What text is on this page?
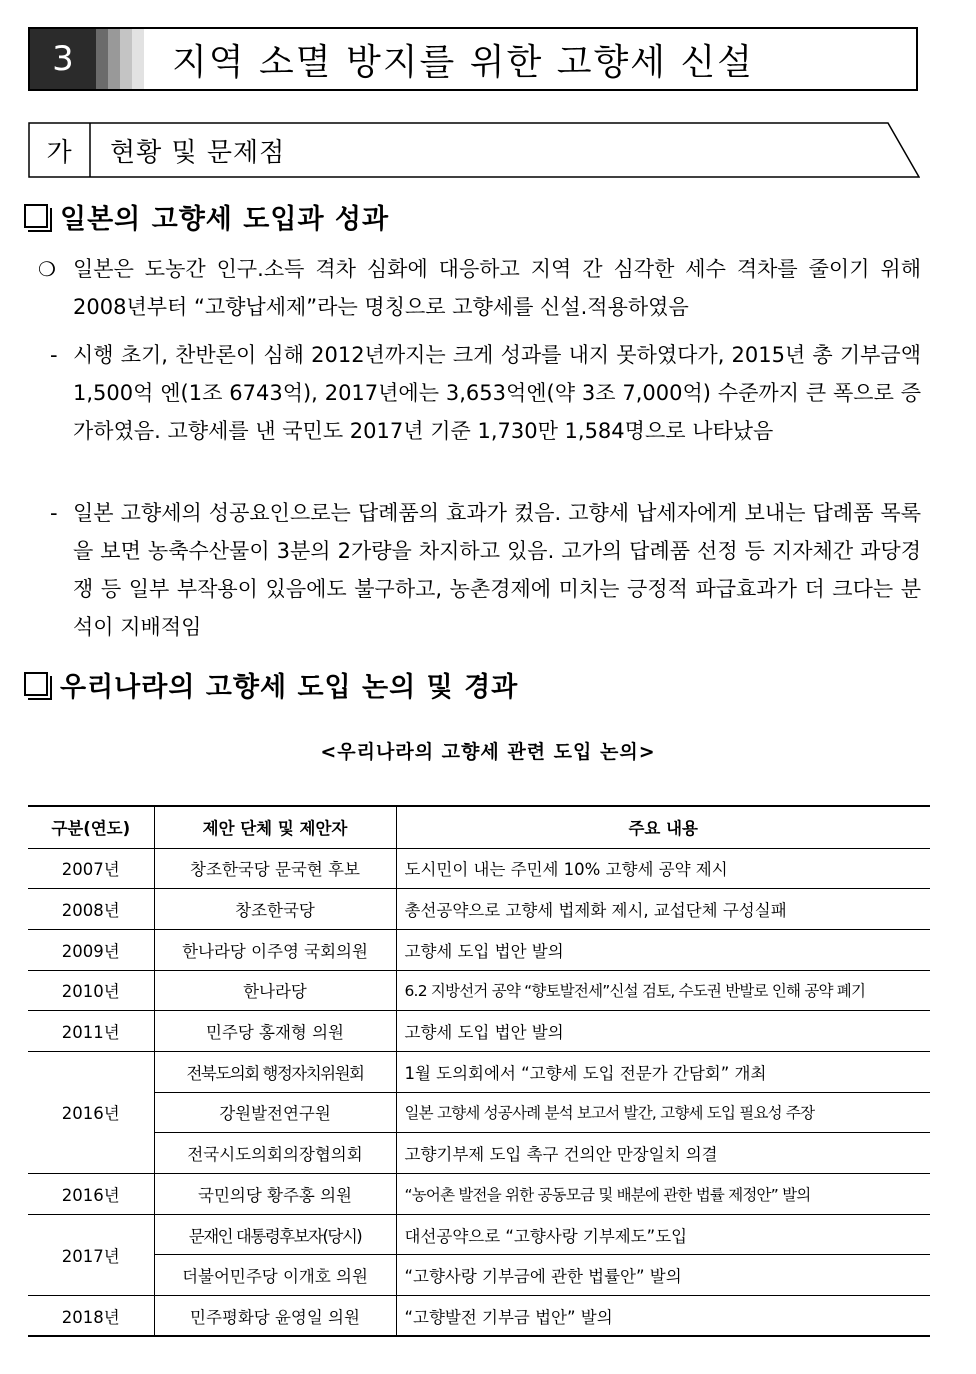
3	지역 소멸 방지를 위한 고향세 신설
가	현황 및 문제점
일본의 고향세 도입과 성과
❍ 일본은 도농간 인구.소득 격차 심화에 대응하고 지역 간 심각한 세수 격차를 줄이기 위해 2008년부터 “고향납세제”라는 명칭으로 고향세를 신설.적용하였음
- 시행 초기, 찬반론이 심해 2012년까지는 크게 성과를 내지 못하였다가, 2015년 총 기부금액 1,500억 엔(1조 6743억), 2017년에는 3,653억엔(약 3조 7,000억) 수준까지 큰 폭으로 증가하였음. 고향세를 낸 국민도 2017년 기준 1,730만 1,584명으로 나타났음
- 일본 고향세의 성공요인으로는 답례품의 효과가 컸음. 고향세 납세자에게 보내는 답례품 목록을 보면 농축수산물이 3분의 2가량을 차지하고 있음. 고가의 답례품 선정 등 지자체간 과당경쟁 등 일부 부작용이 있음에도 불구하고, 농촌경제에 미치는 긍정적 파급효과가 더 크다는 분석이 지배적임
우리나라의 고향세 도입 논의 및 경과
<우리나라의 고향세 관련 도입 논의>
구분(연도)	제안 단체 및 제안자	주요 내용
2007년	창조한국당 문국현 후보	도시민이 내는 주민세 10% 고향세 공약 제시
2008년	창조한국당	총선공약으로 고향세 법제화 제시, 교섭단체 구성실패
2009년	한나라당 이주영 국회의원	고향세 도입 법안 발의
2010년	한나라당	6.2 지방선거 공약 “향토발전세”신설 검토, 수도권 반발로 인해 공약 폐기
2011년	민주당 홍재형 의원	고향세 도입 법안 발의
2016년	전북도의회 행정자치위원회	1월 도의회에서 “고향세 도입 전문가 간담회” 개최
	강원발전연구원	일본 고향세 성공사례 분석 보고서 발간, 고향세 도입 필요성 주장
	전국시도의회의장협의회	고향기부제 도입 촉구 건의안 만장일치 의결
2016년	국민의당 황주홍 의원	“농어촌 발전을 위한 공동모금 및 배분에 관한 법률 제정안” 발의
2017년	문재인 대통령후보자(당시)	대선공약으로 “고향사랑 기부제도”도입
	더불어민주당 이개호 의원	“고향사랑 기부금에 관한 법률안” 발의
2018년	민주평화당 윤영일 의원	“고향발전 기부금 법안” 발의
